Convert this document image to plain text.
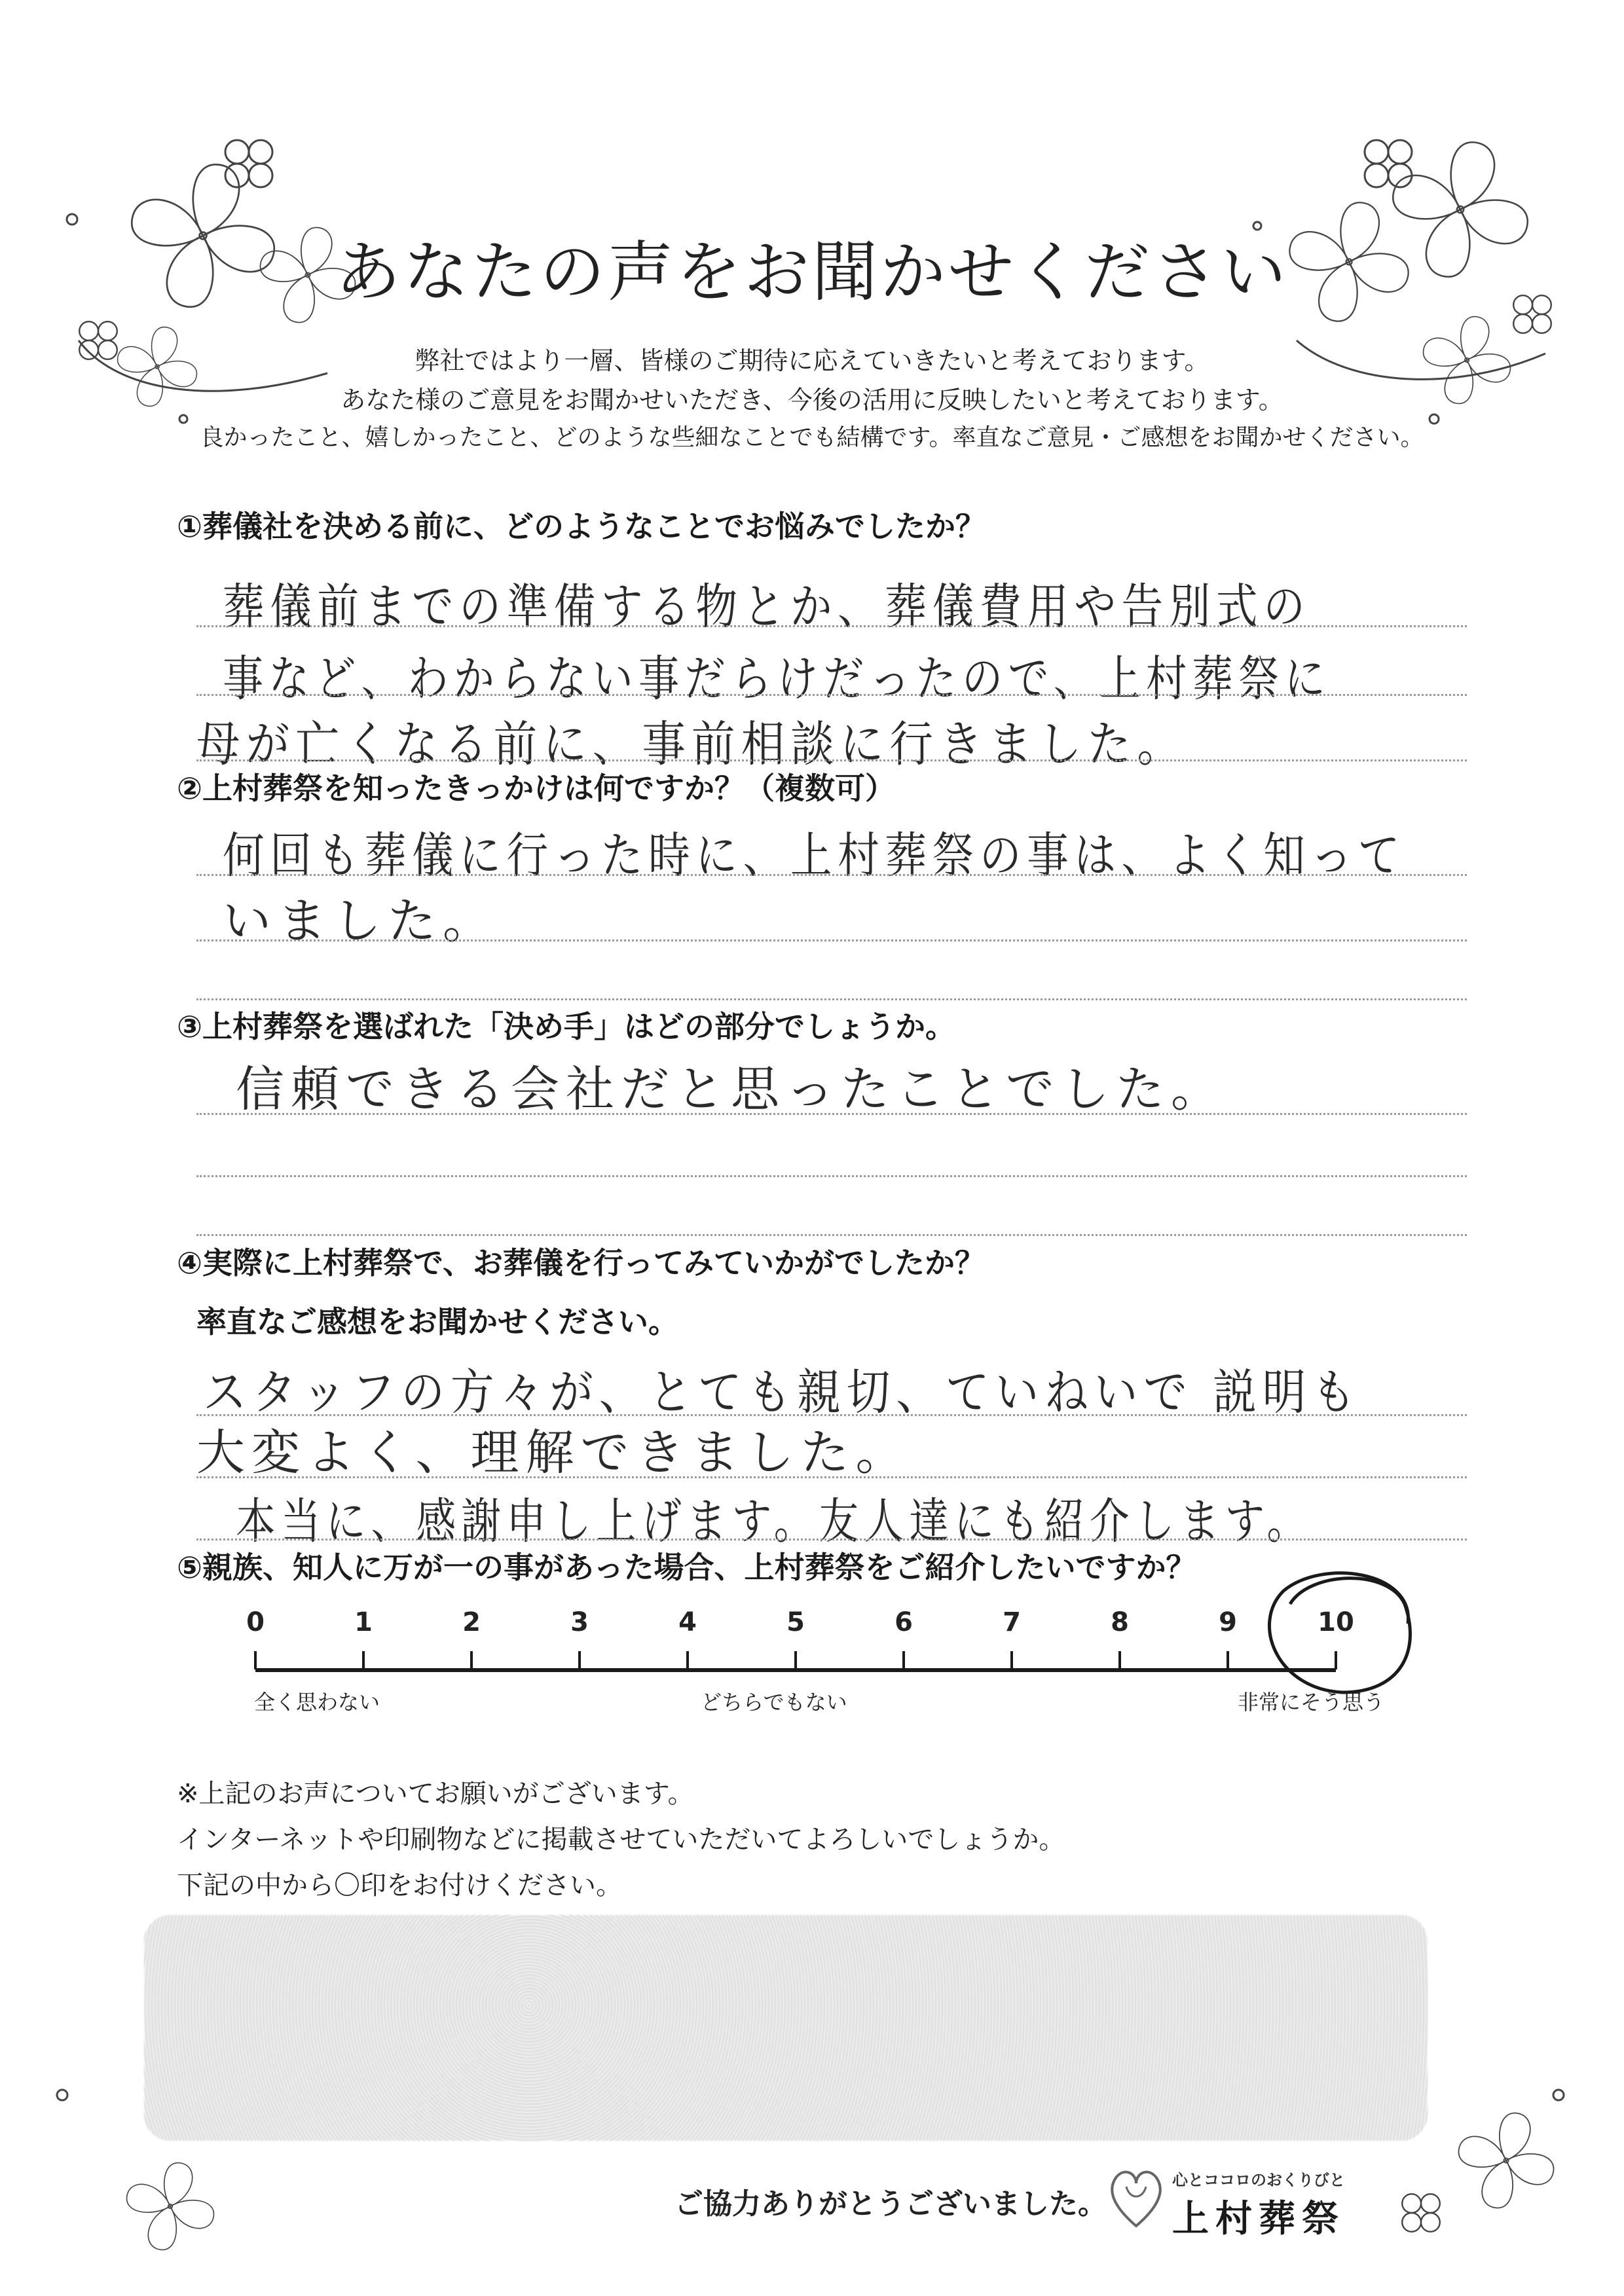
あなたの声をお聞かせください
弊社ではより一層、皆様のご期待に応えていきたいと考えております。
あなた様のご意見をお聞かせいただき、今後の活用に反映したいと考えております。
良かったこと、嬉しかったこと、どのような些細なことでも結構です。率直なご意見・ご感想をお聞かせください。
①葬儀社を決める前に、どのようなことでお悩みでしたか？
葬儀前までの準備する物とか、葬儀費用や告別式の
事など、わからない事だらけだったので、上村葬祭に
母が亡くなる前に、事前相談に行きました。
②上村葬祭を知ったきっかけは何ですか？（複数可）
何回も葬儀に行った時に、上村葬祭の事は、よく知って
いました。
③上村葬祭を選ばれた「決め手」はどの部分でしょうか。
信頼できる会社だと思ったことでした。
④実際に上村葬祭で、お葬儀を行ってみていかがでしたか？
率直なご感想をお聞かせください。
スタッフの方々が、とても親切、ていねいで 説明も
大変よく、理解できました。
本当に、感謝申し上げます。友人達にも紹介します。
⑤親族、知人に万が一の事があった場合、上村葬祭をご紹介したいですか？
0	1	2	3	4	5	6	7	8	9	10
全く思わない	どちらでもない	非常にそう思う
※上記のお声についてお願いがございます。
インターネットや印刷物などに掲載させていただいてよろしいでしょうか。
下記の中から〇印をお付けください。
ご協力ありがとうございました。
心とココロのおくりびと
上村葬祭
